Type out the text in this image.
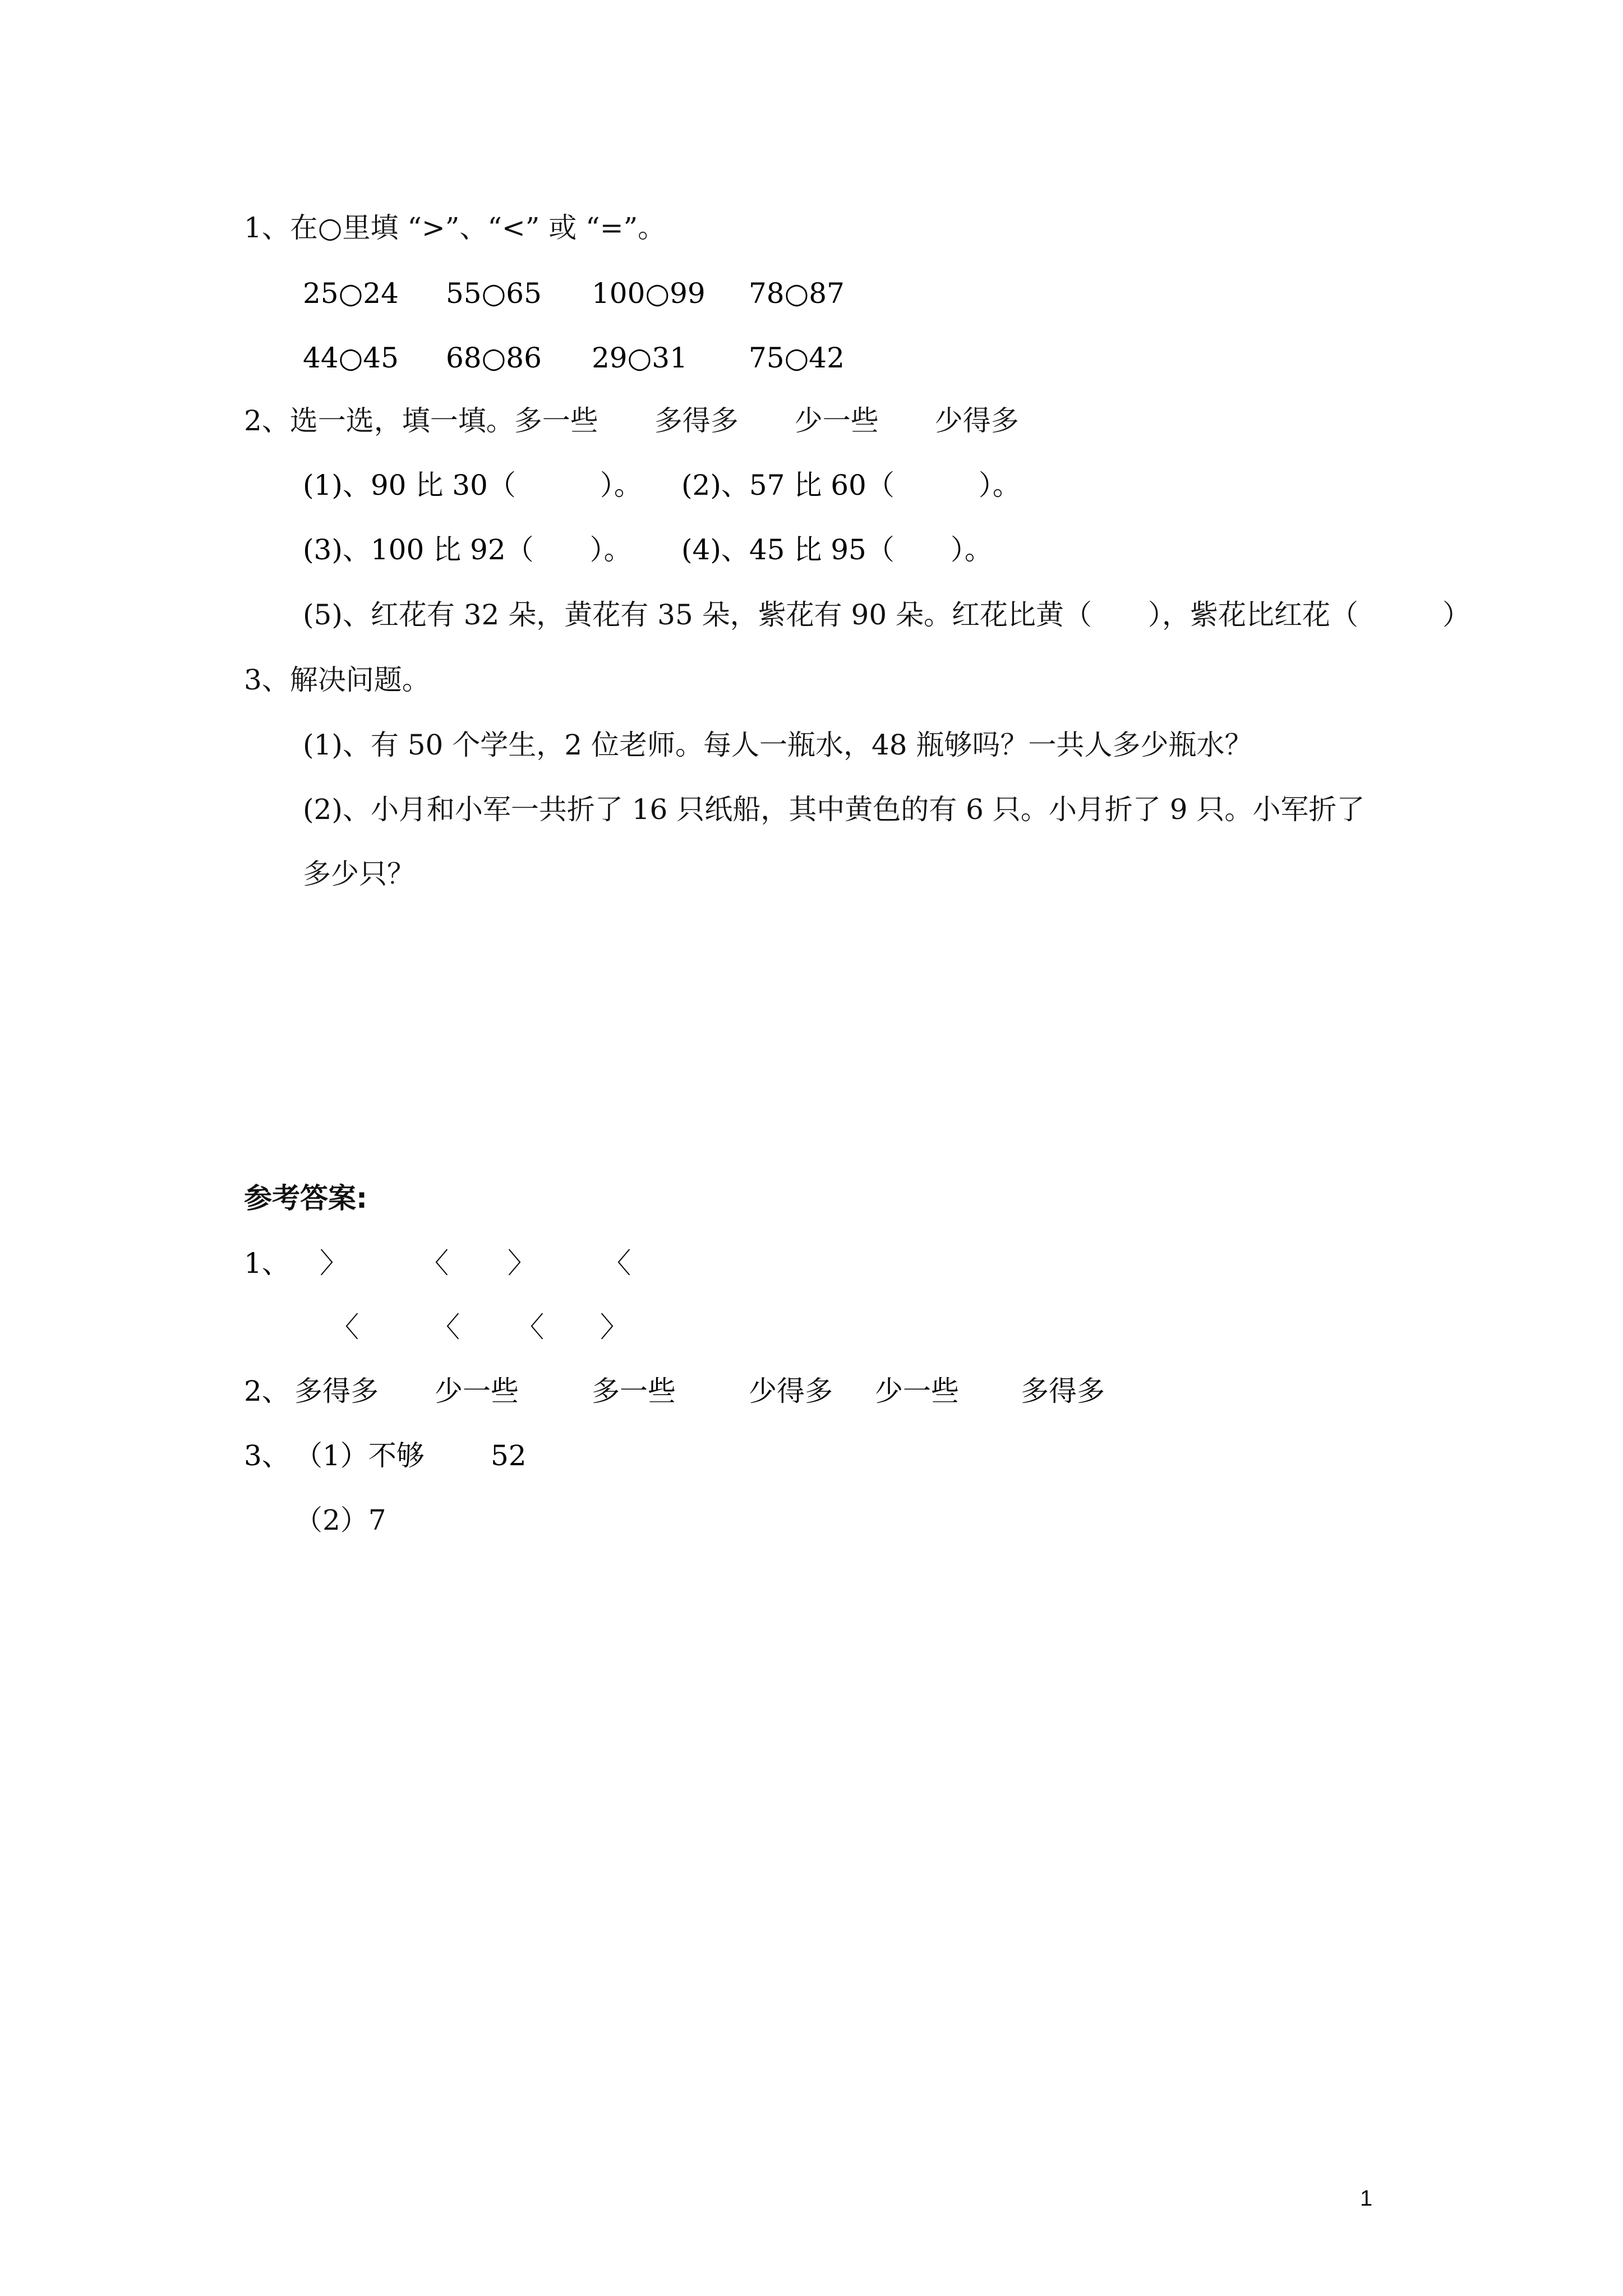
1、在○里填 “>”、“<” 或 “=”。
25○24 55○65 100○99 78○87
44○45 68○86 29○31 75○42
2、选一选，填一填。多一些　　多得多　　少一些　　少得多
(1)、90 比 30（　　　）。 (2)、57 比 60（　　　）。
(3)、100 比 92（　　）。 (4)、45 比 95（　　）。
(5)、红花有 32 朵，黄花有 35 朵，紫花有 90 朵。红花比黄（　　），紫花比红花（　　　）
3、解决问题。
(1)、有 50 个学生，2 位老师。每人一瓶水，48 瓶够吗？一共人多少瓶水？
(2)、小月和小军一共折了 16 只纸船，其中黄色的有 6 只。小月折了 9 只。小军折了
多少只？
参考答案:
1、 〉	〈 〉 〈
〈	〈 〈 〉
2、 多得多 少一些	多一些	少得多 少一些 多得多
3、 （1）不够 52
（2）7
1
